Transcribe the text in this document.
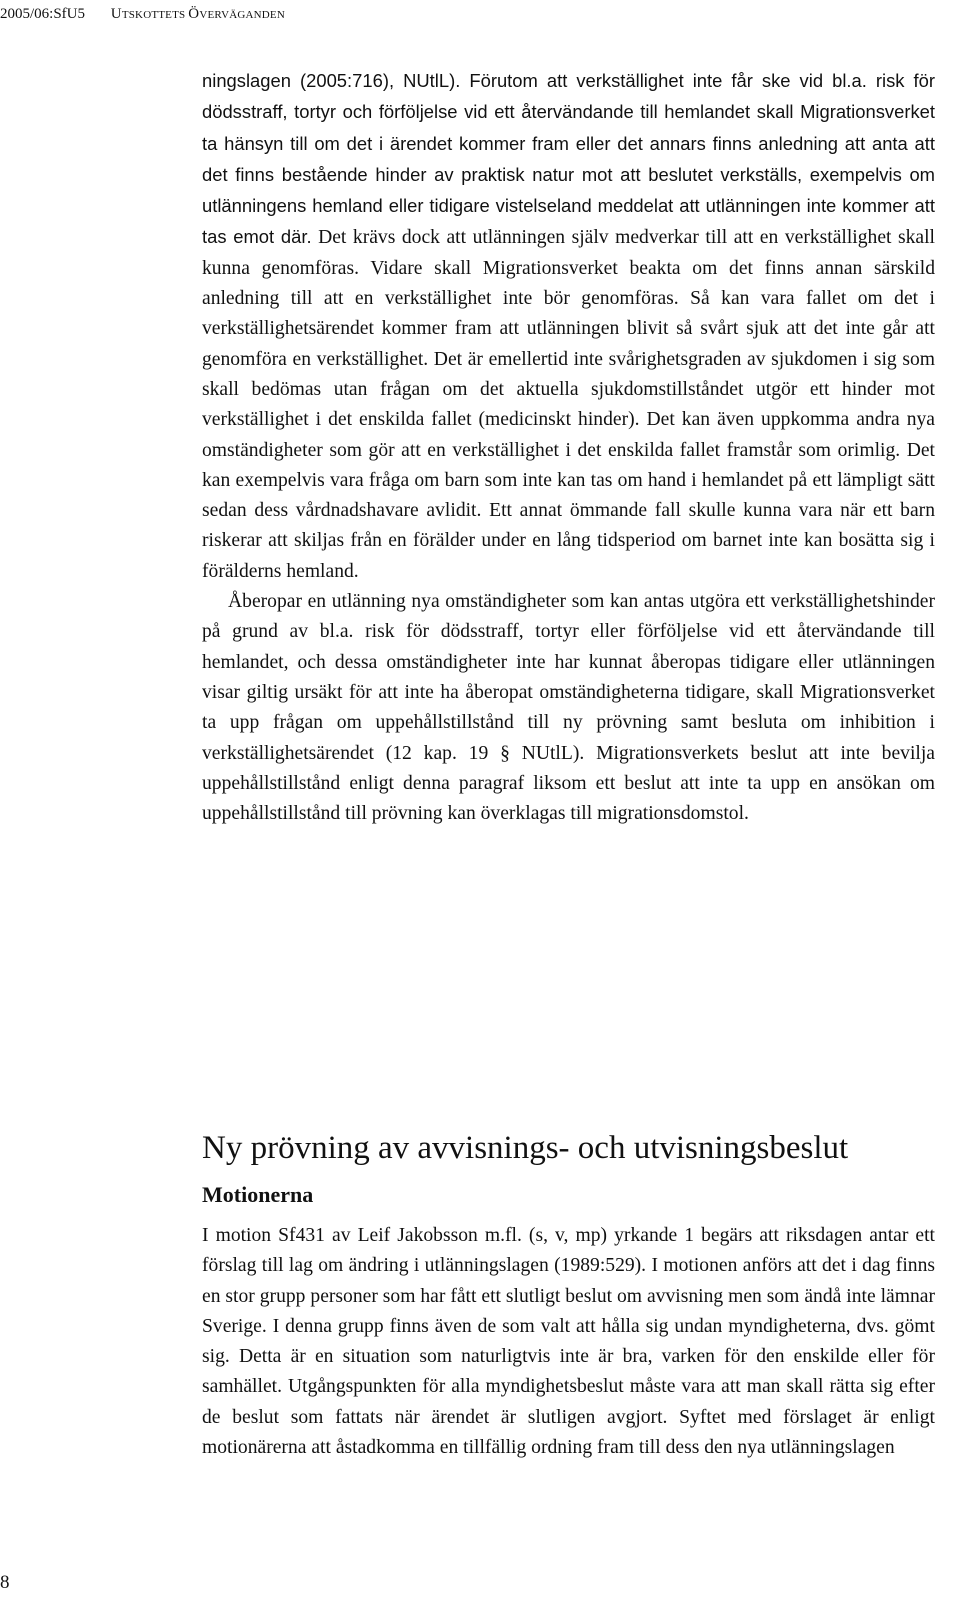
2005/06:SfU5 UTSKOTTETS ÖVERVÄGANDEN

ningslagen (2005:716), NUtlL). Förutom att verkställighet inte får ske vid bl.a. risk för dödsstraff, tortyr och förföljelse vid ett återvändande till hemlandet skall Migrationsverket ta hänsyn till om det i ärendet kommer fram eller det annars finns anledning att anta att det finns bestående hinder av praktisk natur mot att beslutet verkställs, exempelvis om utlänningens hemland eller tidigare vistelseland meddelat att utlänningen inte kommer att tas emot där. Det krävs dock att utlänningen själv medverkar till att en verkställighet skall kunna genomföras. Vidare skall Migrationsverket beakta om det finns annan särskild anledning till att en verkställighet inte bör genomföras. Så kan vara fallet om det i verkställighetsärendet kommer fram att utlänningen blivit så svårt sjuk att det inte går att genomföra en verkställighet. Det är emellertid inte svårighetsgraden av sjukdomen i sig som skall bedömas utan frågan om det aktuella sjukdomstillståndet utgör ett hinder mot verkställighet i det enskilda fallet (medicinskt hinder). Det kan även uppkomma andra nya omständigheter som gör att en verkställighet i det enskilda fallet framstår som orimlig. Det kan exempelvis vara fråga om barn som inte kan tas om hand i hemlandet på ett lämpligt sätt sedan dess vårdnadshavare avlidit. Ett annat ömmande fall skulle kunna vara när ett barn riskerar att skiljas från en förälder under en lång tidsperiod om barnet inte kan bosätta sig i förälderns hemland.

Åberopar en utlänning nya omständigheter som kan antas utgöra ett verkställighetshinder på grund av bl.a. risk för dödsstraff, tortyr eller förföljelse vid ett återvändande till hemlandet, och dessa omständigheter inte har kunnat åberopas tidigare eller utlänningen visar giltig ursäkt för att inte ha åberopat omständigheterna tidigare, skall Migrationsverket ta upp frågan om uppehållstillstånd till ny prövning samt besluta om inhibition i verkställighetsärendet (12 kap. 19 § NUtlL). Migrationsverkets beslut att inte bevilja uppehållstillstånd enligt denna paragraf liksom ett beslut att inte ta upp en ansökan om uppehållstillstånd till prövning kan överklagas till migrationsdomstol.

Ny prövning av avvisnings- och utvisningsbeslut
Motionerna

I motion Sf431 av Leif Jakobsson m.fl. (s, v, mp) yrkande 1 begärs att riksdagen antar ett förslag till lag om ändring i utlänningslagen (1989:529). I motionen anförs att det i dag finns en stor grupp personer som har fått ett slutligt beslut om avvisning men som ändå inte lämnar Sverige. I denna grupp finns även de som valt att hålla sig undan myndigheterna, dvs. gömt sig. Detta är en situation som naturligtvis inte är bra, varken för den enskilde eller för samhället. Utgångspunkten för alla myndighetsbeslut måste vara att man skall rätta sig efter de beslut som fattats när ärendet är slutligen avgjort. Syftet med förslaget är enligt motionärerna att åstadkomma en tillfällig ordning fram till dess den nya utlänningslagen

8
